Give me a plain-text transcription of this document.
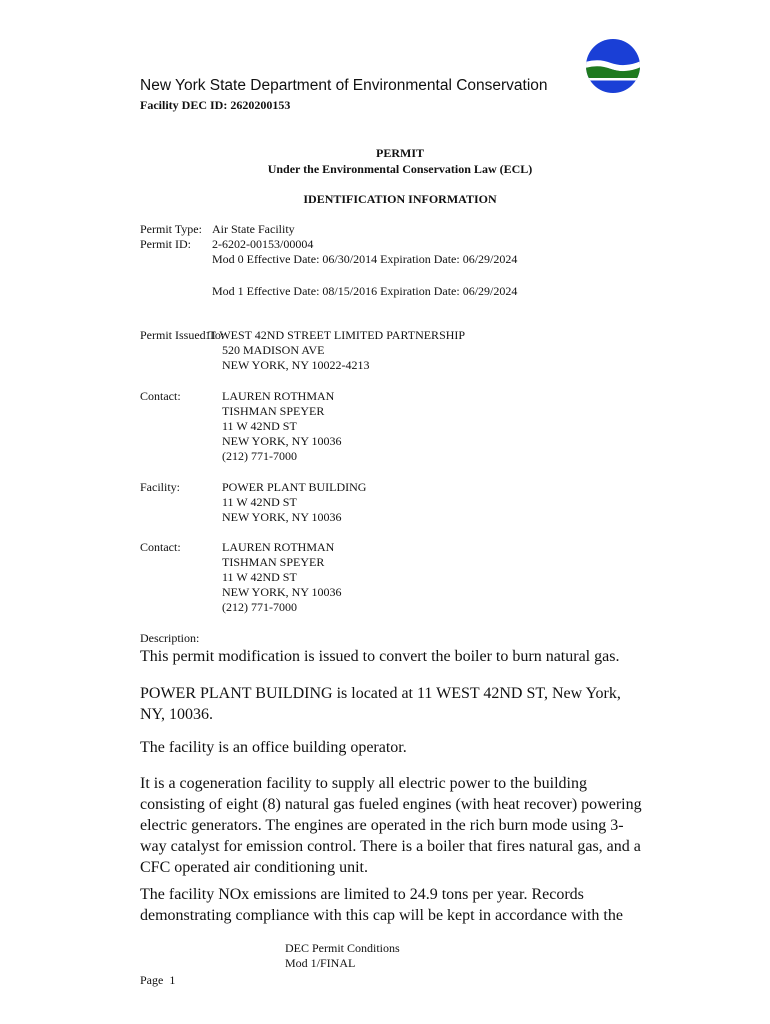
New York State Department of Environmental Conservation
Facility DEC ID: 2620200153
PERMIT
Under the Environmental Conservation Law (ECL)
IDENTIFICATION INFORMATION
Permit Type: Air State Facility
Permit ID: 2-6202-00153/00004
Mod 0 Effective Date: 06/30/2014 Expiration Date: 06/29/2024
Mod 1 Effective Date: 08/15/2016 Expiration Date: 06/29/2024
Permit Issued To:
11 WEST 42ND STREET LIMITED PARTNERSHIP
520 MADISON AVE
NEW YORK, NY 10022-4213
Contact:	LAUREN ROTHMAN
TISHMAN SPEYER
11 W 42ND ST
NEW YORK, NY 10036
(212) 771-7000
Facility:	POWER PLANT BUILDING
11 W 42ND ST
NEW YORK, NY 10036
Contact:	LAUREN ROTHMAN
TISHMAN SPEYER
11 W 42ND ST
NEW YORK, NY 10036
(212) 771-7000
Description:
This permit modification is issued to convert the boiler to burn natural gas.
POWER PLANT BUILDING is located at 11 WEST 42ND ST, New York, NY, 10036.
The facility is an office building operator.
It is a cogeneration facility to supply all electric power to the building consisting of eight (8) natural gas fueled engines (with heat recover) powering electric generators. The engines are operated in the rich burn mode using 3-way catalyst for emission control. There is a boiler that fires natural gas, and a CFC operated air conditioning unit.
The facility NOx emissions are limited to 24.9 tons per year. Records demonstrating compliance with this cap will be kept in accordance with the
DEC Permit Conditions
Mod 1/FINAL
Page  1
